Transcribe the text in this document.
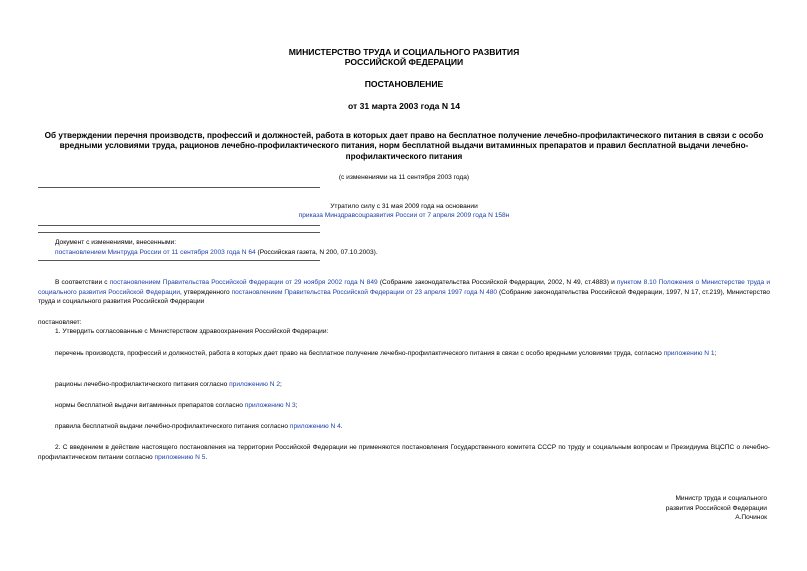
МИНИСТЕРСТВО ТРУДА И СОЦИАЛЬНОГО РАЗВИТИЯ
РОССИЙСКОЙ ФЕДЕРАЦИИ
ПОСТАНОВЛЕНИЕ
от 31 марта 2003 года N 14
Об утверждении перечня производств, профессий и должностей, работа в которых дает право на бесплатное получение лечебно-профилактического питания в связи с особо вредными условиями труда, рационов лечебно-профилактического питания, норм бесплатной выдачи витаминных препаратов и правил бесплатной выдачи лечебно-профилактического питания
(с изменениями на 11 сентября 2003 года)
Утратило силу с 31 мая 2009 года на основании
приказа Минздравсоцразвития России от 7 апреля 2009 года N 158н
Документ с изменениями, внесенными:
постановлением Минтруда России от 11 сентября 2003 года N 64 (Российская газета, N 200, 07.10.2003).
В соответствии с постановлением Правительства Российской Федерации от 29 ноября 2002 года N 849 (Собрание законодательства Российской Федерации, 2002, N 49, ст.4883) и пунктом 8.10 Положения о Министерстве труда и социального развития Российской Федерации, утвержденного постановлением Правительства Российской Федерации от 23 апреля 1997 года N 480 (Собрание законодательства Российской Федерации, 1997, N 17, ст.219), Министерство труда и социального развития Российской Федерации
постановляет:
1. Утвердить согласованные с Министерством здравоохранения Российской Федерации:
перечень производств, профессий и должностей, работа в которых дает право на бесплатное получение лечебно-профилактического питания в связи с особо вредными условиями труда, согласно приложению N 1;
рационы лечебно-профилактического питания согласно приложению N 2;
нормы бесплатной выдачи витаминных препаратов согласно приложению N 3;
правила бесплатной выдачи лечебно-профилактического питания согласно приложению N 4.
2. С введением в действие настоящего постановления на территории Российской Федерации не применяются постановления Государственного комитета СССР по труду и социальным вопросам и Президиума ВЦСПС о лечебно-профилактическом питании согласно приложению N 5.
Министр труда и социального
развития Российской Федерации
А.Починок
